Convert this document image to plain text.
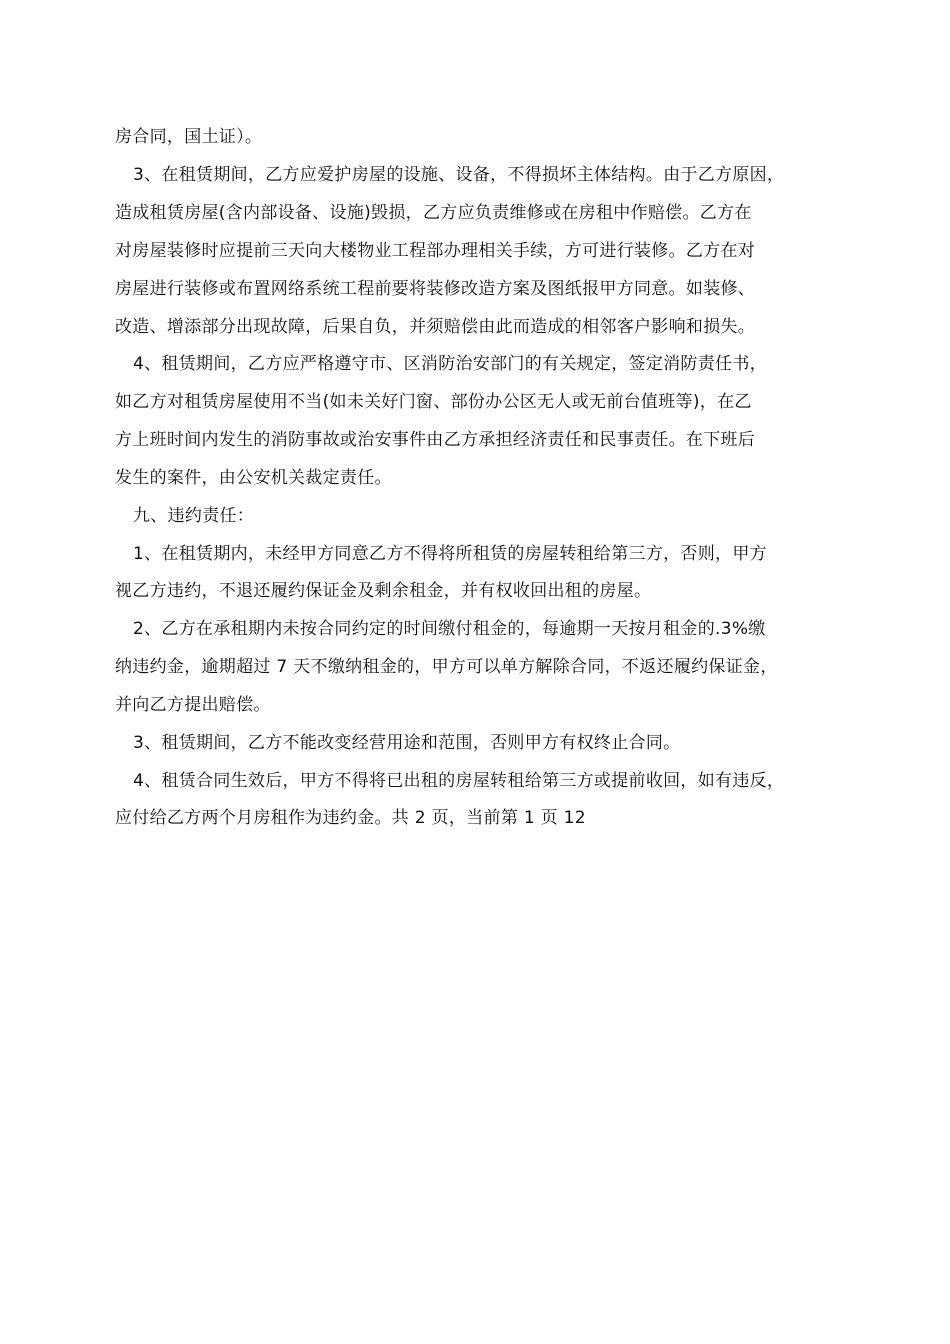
房合同，国土证）。
3、在租赁期间，乙方应爱护房屋的设施、设备，不得损坏主体结构。由于乙方原因，
造成租赁房屋(含内部设备、设施)毁损，乙方应负责维修或在房租中作赔偿。乙方在
对房屋装修时应提前三天向大楼物业工程部办理相关手续，方可进行装修。乙方在对
房屋进行装修或布置网络系统工程前要将装修改造方案及图纸报甲方同意。如装修、
改造、增添部分出现故障，后果自负，并须赔偿由此而造成的相邻客户影响和损失。
4、租赁期间，乙方应严格遵守市、区消防治安部门的有关规定，签定消防责任书，
如乙方对租赁房屋使用不当(如未关好门窗、部份办公区无人或无前台值班等)，在乙
方上班时间内发生的消防事故或治安事件由乙方承担经济责任和民事责任。在下班后
发生的案件，由公安机关裁定责任。
九、违约责任：
1、在租赁期内，未经甲方同意乙方不得将所租赁的房屋转租给第三方，否则，甲方
视乙方违约，不退还履约保证金及剩余租金，并有权收回出租的房屋。
2、乙方在承租期内未按合同约定的时间缴付租金的，每逾期一天按月租金的.3%缴
纳违约金，逾期超过 7 天不缴纳租金的，甲方可以单方解除合同，不返还履约保证金，
并向乙方提出赔偿。
3、租赁期间，乙方不能改变经营用途和范围，否则甲方有权终止合同。
4、租赁合同生效后，甲方不得将已出租的房屋转租给第三方或提前收回，如有违反，
应付给乙方两个月房租作为违约金。共 2 页，当前第 1 页 12
